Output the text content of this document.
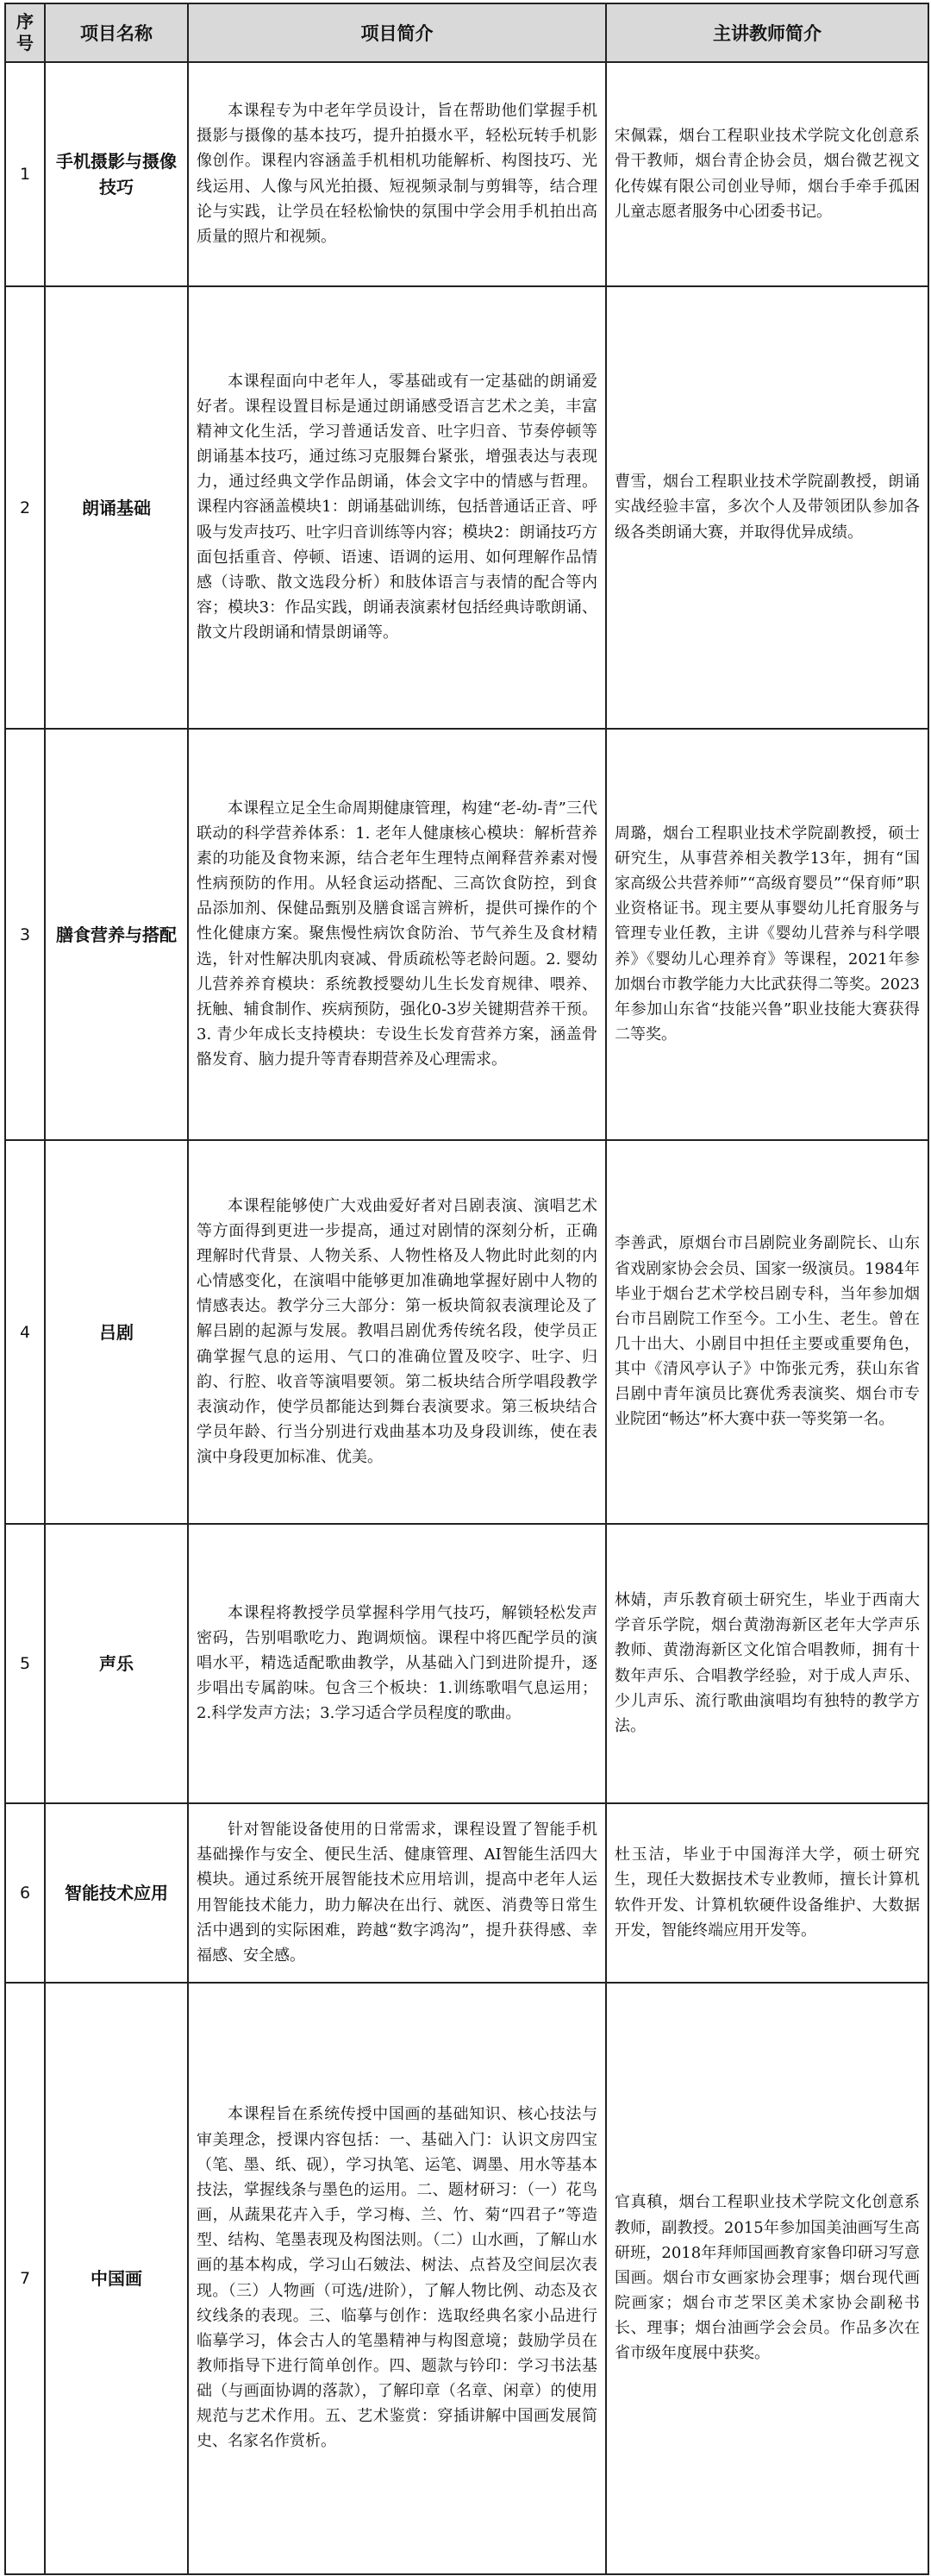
序号	项目名称	项目简介	主讲教师简介
1	手机摄影与摄像技巧	本课程专为中老年学员设计，旨在帮助他们掌握手机摄影与摄像的基本技巧，提升拍摄水平，轻松玩转手机影像创作。课程内容涵盖手机相机功能解析、构图技巧、光线运用、人像与风光拍摄、短视频录制与剪辑等，结合理论与实践，让学员在轻松愉快的氛围中学会用手机拍出高质量的照片和视频。	宋佩霖，烟台工程职业技术学院文化创意系骨干教师，烟台青企协会员，烟台微艺视文化传媒有限公司创业导师，烟台手牵手孤困儿童志愿者服务中心团委书记。
2	朗诵基础	本课程面向中老年人，零基础或有一定基础的朗诵爱好者。课程设置目标是通过朗诵感受语言艺术之美，丰富精神文化生活，学习普通话发音、吐字归音、节奏停顿等朗诵基本技巧，通过练习克服舞台紧张，增强表达与表现力，通过经典文学作品朗诵，体会文字中的情感与哲理。课程内容涵盖模块1：朗诵基础训练，包括普通话正音、呼吸与发声技巧、吐字归音训练等内容；模块2：朗诵技巧方面包括重音、停顿、语速、语调的运用、如何理解作品情感（诗歌、散文选段分析）和肢体语言与表情的配合等内容；模块3：作品实践，朗诵表演素材包括经典诗歌朗诵、散文片段朗诵和情景朗诵等。	曹雪，烟台工程职业技术学院副教授，朗诵实战经验丰富，多次个人及带领团队参加各级各类朗诵大赛，并取得优异成绩。
3	膳食营养与搭配	本课程立足全生命周期健康管理，构建“老-幼-青”三代联动的科学营养体系：1. 老年人健康核心模块：解析营养素的功能及食物来源，结合老年生理特点阐释营养素对慢性病预防的作用。从轻食运动搭配、三高饮食防控，到食品添加剂、保健品甄别及膳食谣言辨析，提供可操作的个性化健康方案。聚焦慢性病饮食防治、节气养生及食材精选，针对性解决肌肉衰减、骨质疏松等老龄问题。2. 婴幼儿营养养育模块：系统教授婴幼儿生长发育规律、喂养、抚触、辅食制作、疾病预防，强化0-3岁关键期营养干预。3. 青少年成长支持模块：专设生长发育营养方案，涵盖骨骼发育、脑力提升等青春期营养及心理需求。	周璐，烟台工程职业技术学院副教授，硕士研究生，从事营养相关教学13年，拥有“国家高级公共营养师”“高级育婴员”“保育师”职业资格证书。现主要从事婴幼儿托育服务与管理专业任教，主讲《婴幼儿营养与科学喂养》《婴幼儿心理养育》等课程，2021年参加烟台市教学能力大比武获得二等奖。2023年参加山东省“技能兴鲁”职业技能大赛获得二等奖。
4	吕剧	本课程能够使广大戏曲爱好者对吕剧表演、演唱艺术等方面得到更进一步提高，通过对剧情的深刻分析，正确理解时代背景、人物关系、人物性格及人物此时此刻的内心情感变化，在演唱中能够更加准确地掌握好剧中人物的情感表达。教学分三大部分：第一板块简叙表演理论及了解吕剧的起源与发展。教唱吕剧优秀传统名段，使学员正确掌握气息的运用、气口的准确位置及咬字、吐字、归韵、行腔、收音等演唱要领。第二板块结合所学唱段教学表演动作，使学员都能达到舞台表演要求。第三板块结合学员年龄、行当分别进行戏曲基本功及身段训练，使在表演中身段更加标准、优美。	李善武，原烟台市吕剧院业务副院长、山东省戏剧家协会会员、国家一级演员。1984年毕业于烟台艺术学校吕剧专科，当年参加烟台市吕剧院工作至今。工小生、老生。曾在几十出大、小剧目中担任主要或重要角色，其中《清风亭认子》中饰张元秀，获山东省吕剧中青年演员比赛优秀表演奖、烟台市专业院团“畅达”杯大赛中获一等奖第一名。
5	声乐	本课程将教授学员掌握科学用气技巧，解锁轻松发声密码，告别唱歌吃力、跑调烦恼。课程中将匹配学员的演唱水平，精选适配歌曲教学，从基础入门到进阶提升，逐步唱出专属韵味。包含三个板块：1.训练歌唱气息运用；2.科学发声方法；3.学习适合学员程度的歌曲。	林婧，声乐教育硕士研究生，毕业于西南大学音乐学院，烟台黄渤海新区老年大学声乐教师、黄渤海新区文化馆合唱教师，拥有十数年声乐、合唱教学经验，对于成人声乐、少儿声乐、流行歌曲演唱均有独特的教学方法。
6	智能技术应用	针对智能设备使用的日常需求，课程设置了智能手机基础操作与安全、便民生活、健康管理、AI智能生活四大模块。通过系统开展智能技术应用培训，提高中老年人运用智能技术能力，助力解决在出行、就医、消费等日常生活中遇到的实际困难，跨越“数字鸿沟”，提升获得感、幸福感、安全感。	杜玉洁，毕业于中国海洋大学，硕士研究生，现任大数据技术专业教师，擅长计算机软件开发、计算机软硬件设备维护、大数据开发，智能终端应用开发等。
7	中国画	本课程旨在系统传授中国画的基础知识、核心技法与审美理念，授课内容包括：一、基础入门：认识文房四宝（笔、墨、纸、砚），学习执笔、运笔、调墨、用水等基本技法，掌握线条与墨色的运用。二、题材研习：（一）花鸟画，从蔬果花卉入手，学习梅、兰、竹、菊“四君子”等造型、结构、笔墨表现及构图法则。（二）山水画，了解山水画的基本构成，学习山石皴法、树法、点苔及空间层次表现。（三）人物画（可选/进阶），了解人物比例、动态及衣纹线条的表现。三、临摹与创作：选取经典名家小品进行临摹学习，体会古人的笔墨精神与构图意境；鼓励学员在教师指导下进行简单创作。四、题款与钤印：学习书法基础（与画面协调的落款），了解印章（名章、闲章）的使用规范与艺术作用。五、艺术鉴赏：穿插讲解中国画发展简史、名家名作赏析。	官真稹，烟台工程职业技术学院文化创意系教师，副教授。2015年参加国美油画写生高研班，2018年拜师国画教育家鲁印研习写意国画。烟台市女画家协会理事；烟台现代画院画家；烟台市芝罘区美术家协会副秘书长、理事；烟台油画学会会员。作品多次在省市级年度展中获奖。
